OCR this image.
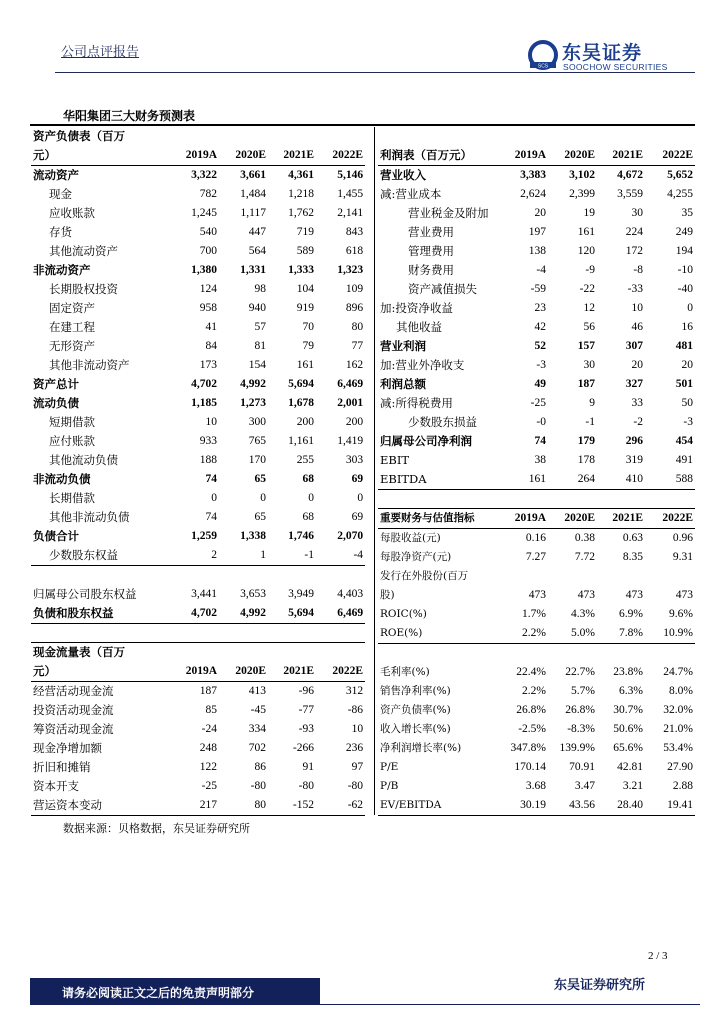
公司点评报告
SCS
东吴证券
SOOCHOW SECURITIES
华阳集团三大财务预测表
资产负债表（百万				
元）	2019A	2020E	2021E	2022E
流动资产	3,322	3,661	4,361	5,146
现金	782	1,484	1,218	1,455
应收账款	1,245	1,117	1,762	2,141
存货	540	447	719	843
其他流动资产	700	564	589	618
非流动资产	1,380	1,331	1,333	1,323
长期股权投资	124	98	104	109
固定资产	958	940	919	896
在建工程	41	57	70	80
无形资产	84	81	79	77
其他非流动资产	173	154	161	162
资产总计	4,702	4,992	5,694	6,469
流动负债	1,185	1,273	1,678	2,001
短期借款	10	300	200	200
应付账款	933	765	1,161	1,419
其他流动负债	188	170	255	303
非流动负债	74	65	68	69
长期借款	0	0	0	0
其他非流动负债	74	65	68	69
负债合计	1,259	1,338	1,746	2,070
少数股东权益	2	1	-1	-4

归属母公司股东权益	3,441	3,653	3,949	4,403
负债和股东权益	4,702	4,992	5,694	6,469
利润表（百万元）	2019A	2020E	2021E	2022E
营业收入	3,383	3,102	4,672	5,652
减:营业成本	2,624	2,399	3,559	4,255
营业税金及附加	20	19	30	35
营业费用	197	161	224	249
管理费用	138	120	172	194
财务费用	-4	-9	-8	-10
资产减值损失	-59	-22	-33	-40
加:投资净收益	23	12	10	0
其他收益	42	56	46	16
营业利润	52	157	307	481
加:营业外净收支	-3	30	20	20
利润总额	49	187	327	501
减:所得税费用	-25	9	33	50
少数股东损益	-0	-1	-2	-3
归属母公司净利润	74	179	296	454
EBIT	38	178	319	491
EBITDA	161	264	410	588
重要财务与估值指标	2019A	2020E	2021E	2022E
每股收益(元)	0.16	0.38	0.63	0.96
每股净资产(元)	7.27	7.72	8.35	9.31

发行在外股份(百万
股)	473	473	473	473
ROIC(%)	1.7%	4.3%	6.9%	9.6%
ROE(%)	2.2%	5.0%	7.8%	10.9%

毛利率(%)	22.4%	22.7%	23.8%	24.7%
销售净利率(%)	2.2%	5.7%	6.3%	8.0%
资产负债率(%)	26.8%	26.8%	30.7%	32.0%
收入增长率(%)	-2.5%	-8.3%	50.6%	21.0%
净利润增长率(%)	347.8%	139.9%	65.6%	53.4%
P/E	170.14	70.91	42.81	27.90
P/B	3.68	3.47	3.21	2.88
EV/EBITDA	30.19	43.56	28.40	19.41
现金流量表（百万				
元）	2019A	2020E	2021E	2022E
经营活动现金流	187	413	-96	312
投资活动现金流	85	-45	-77	-86
筹资活动现金流	-24	334	-93	10
现金净增加额	248	702	-266	236
折旧和摊销	122	86	91	97
资本开支	-25	-80	-80	-80
营运资本变动	217	80	-152	-62
数据来源：贝格数据，东吴证券研究所
2 / 3
请务必阅读正文之后的免责声明部分	东吴证券研究所
